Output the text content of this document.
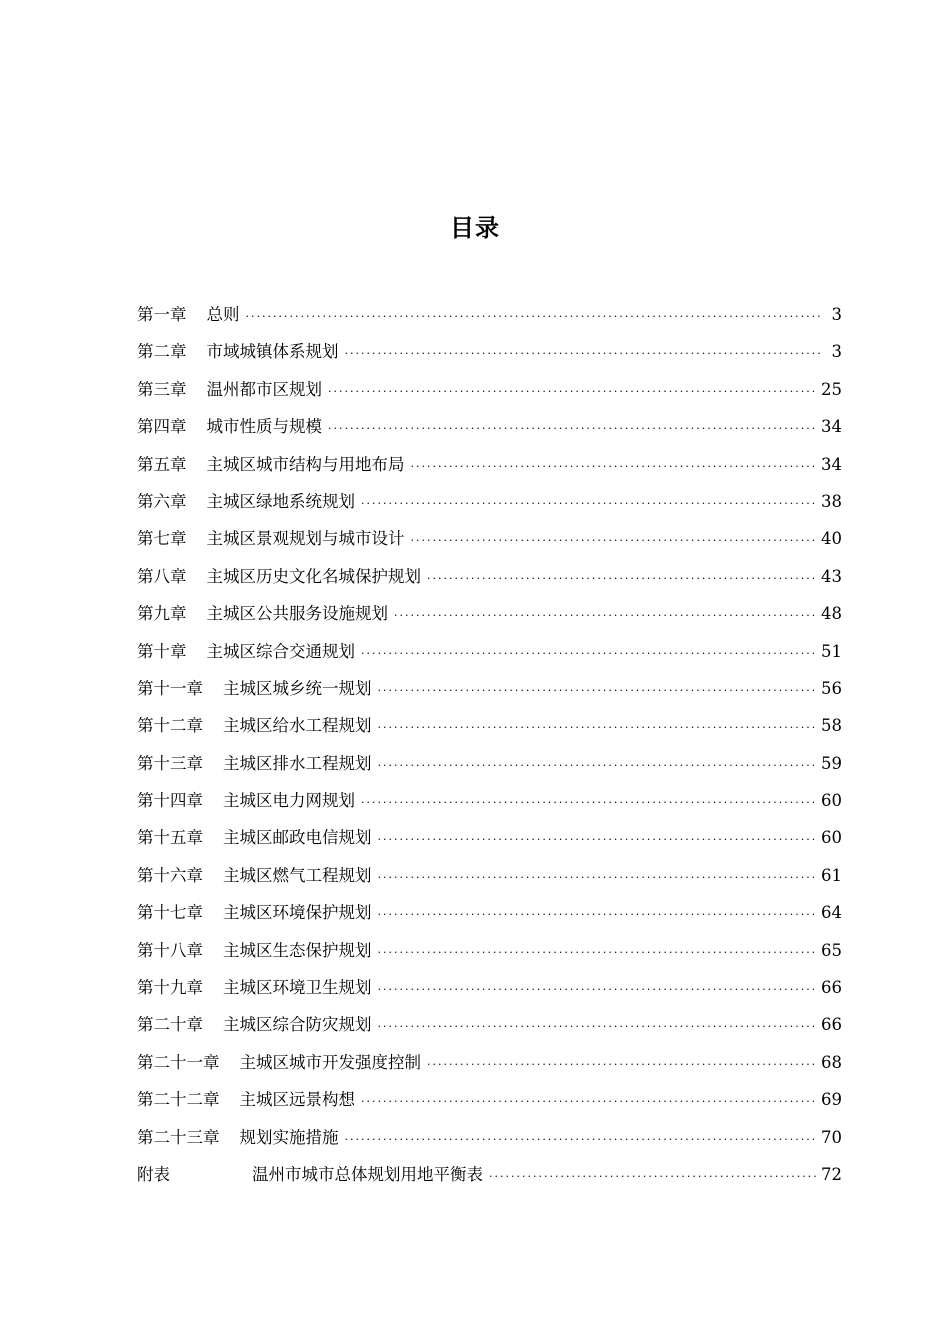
目录
第一章	总则 ·····	3
第二章	市域城镇体系规划 ·····	3
第三章	温州都市区规划 ·····	25
第四章	城市性质与规模 ·····	34
第五章	主城区城市结构与用地布局 ·····	34
第六章	主城区绿地系统规划 ·····	38
第七章	主城区景观规划与城市设计 ·····	40
第八章	主城区历史文化名城保护规划 ·····	43
第九章	主城区公共服务设施规划 ·····	48
第十章	主城区综合交通规划 ·····	51
第十一章	主城区城乡统一规划 ·····	56
第十二章	主城区给水工程规划 ·····	58
第十三章	主城区排水工程规划 ·····	59
第十四章	主城区电力网规划 ·····	60
第十五章	主城区邮政电信规划 ·····	60
第十六章	主城区燃气工程规划 ·····	61
第十七章	主城区环境保护规划 ·····	64
第十八章	主城区生态保护规划 ·····	65
第十九章	主城区环境卫生规划 ·····	66
第二十章	主城区综合防灾规划 ·····	66
第二十一章	主城区城市开发强度控制 ·····	68
第二十二章	主城区远景构想 ·····	69
第二十三章	规划实施措施 ·····	70
附表	温州市城市总体规划用地平衡表 ·····	72
